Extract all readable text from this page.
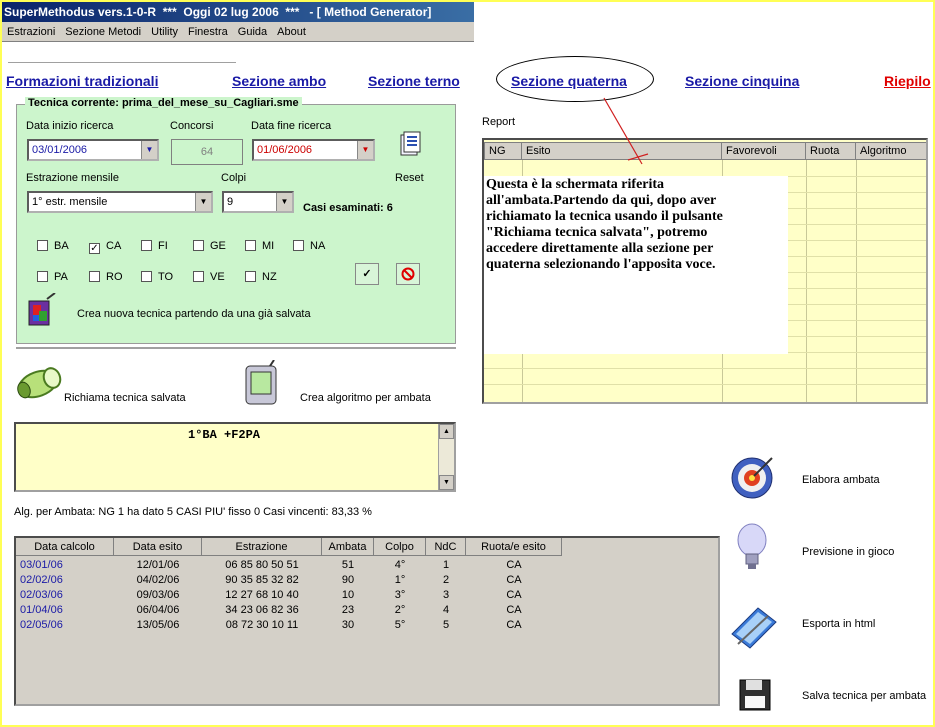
SuperMethodus vers.1-0-R  ***  Oggi 02 lug 2006  ***   - [ Method Generator]
Estrazioni Sezione Metodi Utility Finestra Guida About
Formazioni tradizionali	Sezione ambo	Sezione terno	Sezione quaterna	Sezione cinquina	Riepilo
Tecnica corrente: prima_del_mese_su_Cagliari.sme
Data inizio ricerca
03/01/2006	▼
Concorsi
64
Data fine ricerca
01/06/2006	▼
Reset
Estrazione mensile
1° estr. mensile	▼
Colpi
9	▼
Casi esaminati: 6
BA ✓ CA	FI	GE	MI	NA
PA	RO	TO	VE	NZ	✓
Crea nuova tecnica partendo da una già salvata
Richiama tecnica salvata	Crea algoritmo per ambata
1°BA +F2PA	▲
▼
Alg. per Ambata: NG 1 ha dato 5 CASI PIU' fisso 0 Casi vincenti: 83,33 %
Data calcolo	Data esito	Estrazione	Ambata	Colpo	NdC	Ruota/e esito
03/01/06	12/01/06	06 85 80 50 51	51	4°	1	CA
02/02/06	04/02/06	90 35 85 32 82	90	1°	2	CA
02/03/06	09/03/06	12 27 68 10 40	10	3°	3	CA
01/04/06	06/04/06	34 23 06 82 36	23	2°	4	CA
02/05/06	13/05/06	08 72 30 10 11	30	5°	5	CA
Report
NG	Esito	Favorevoli	Ruota	Algoritmo
Questa è la schermata riferita
all'ambata.Partendo da qui, dopo aver
richiamato la tecnica usando il pulsante
"Richiama tecnica salvata", potremo
accedere direttamente alla sezione per
quaterna selezionando l'apposita voce.
Elabora ambata
Previsione in gioco
Esporta in html
Salva tecnica per ambata
